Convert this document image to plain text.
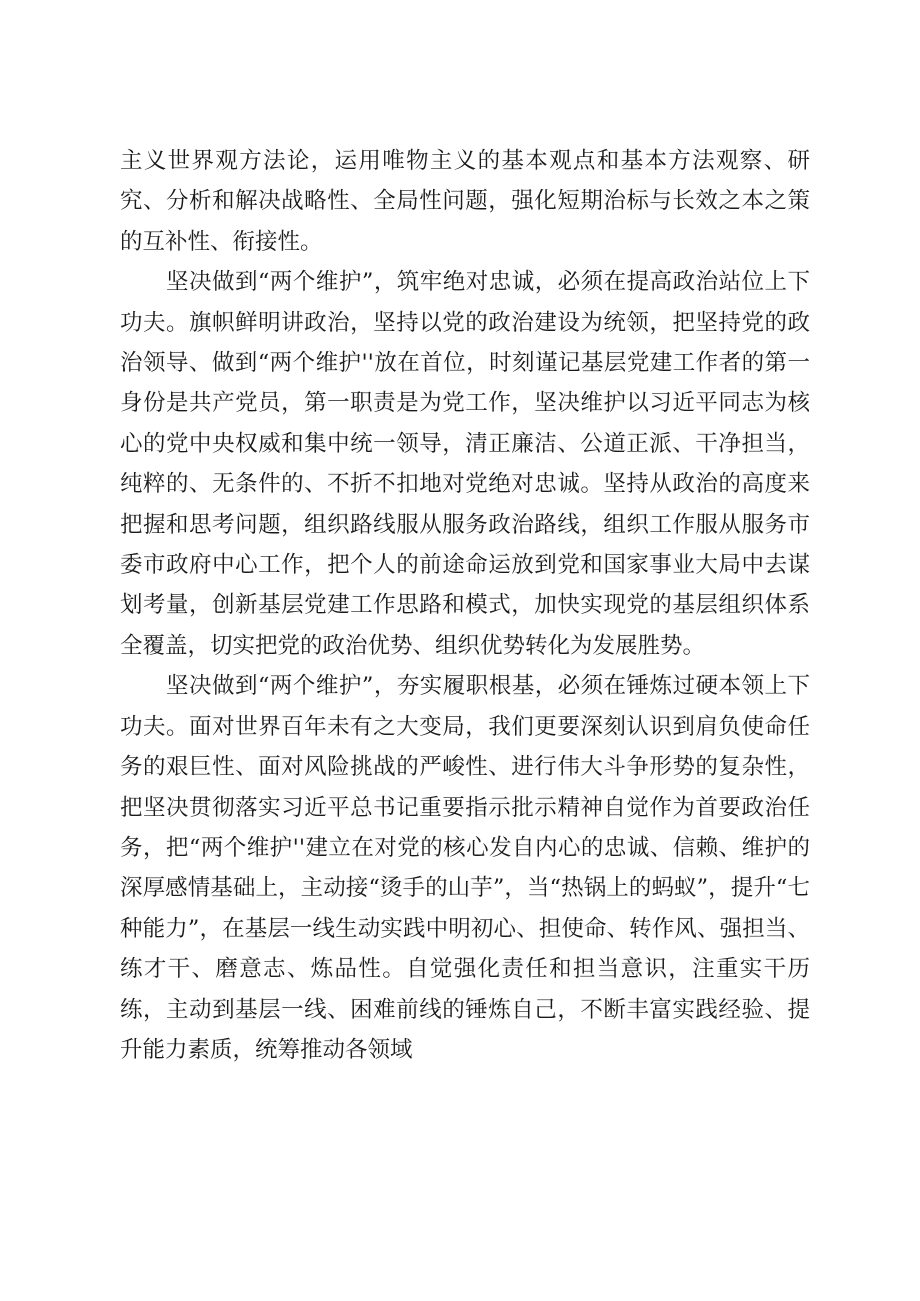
主义世界观方法论，运用唯物主义的基本观点和基本方法观察、研究、分析和解决战略性、全局性问题，强化短期治标与长效之本之策的互补性、衔接性。

坚决做到“两个维护”，筑牢绝对忠诚，必须在提高政治站位上下功夫。旗帜鲜明讲政治，坚持以党的政治建设为统领，把坚持党的政治领导、做到“两个维护''放在首位，时刻谨记基层党建工作者的第一身份是共产党员，第一职责是为党工作，坚决维护以习近平同志为核心的党中央权威和集中统一领导，清正廉洁、公道正派、干净担当，纯粹的、无条件的、不折不扣地对党绝对忠诚。坚持从政治的高度来把握和思考问题，组织路线服从服务政治路线，组织工作服从服务市委市政府中心工作，把个人的前途命运放到党和国家事业大局中去谋划考量，创新基层党建工作思路和模式，加快实现党的基层组织体系全覆盖，切实把党的政治优势、组织优势转化为发展胜势。

坚决做到“两个维护”，夯实履职根基，必须在锤炼过硬本领上下功夫。面对世界百年未有之大变局，我们更要深刻认识到肩负使命任务的艰巨性、面对风险挑战的严峻性、进行伟大斗争形势的复杂性，把坚决贯彻落实习近平总书记重要指示批示精神自觉作为首要政治任务，把“两个维护''建立在对党的核心发自内心的忠诚、信赖、维护的深厚感情基础上，主动接“烫手的山芋”，当“热锅上的蚂蚁”，提升“七种能力”，在基层一线生动实践中明初心、担使命、转作风、强担当、练才干、磨意志、炼品性。自觉强化责任和担当意识，注重实干历练，主动到基层一线、困难前线的锤炼自己，不断丰富实践经验、提升能力素质，统筹推动各领域
